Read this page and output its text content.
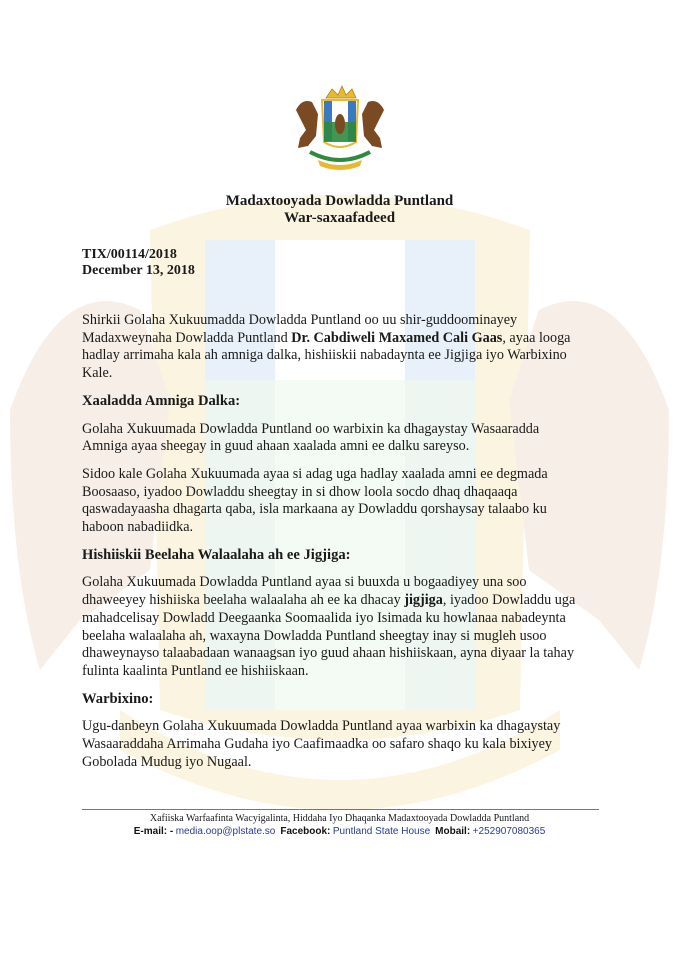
Madaxtooyada Dowladda Puntland
War-saxaafadeed
TIX/00114/2018
December 13, 2018

Shirkii Golaha Xukuumadda Dowladda Puntland oo uu shir-guddoominayey Madaxweynaha Dowladda Puntland Dr. Cabdiweli Maxamed Cali Gaas, ayaa looga hadlay arrimaha kala ah amniga dalka, hishiiskii nabadaynta ee Jigjiga iyo Warbixino Kale.

Xaaladda Amniga Dalka:

Golaha Xukuumada Dowladda Puntland oo warbixin ka dhagaystay Wasaaradda Amniga ayaa sheegay in guud ahaan xaalada amni ee dalku sareyso.

Sidoo kale Golaha Xukuumada ayaa si adag uga hadlay xaalada amni ee degmada Boosaaso, iyadoo Dowladdu sheegtay in si dhow loola socdo dhaq dhaqaaqa qaswadayaasha dhagarta qaba, isla markaana ay Dowladdu qorshaysay talaabo ku haboon nabadiidka.

Hishiiskii Beelaha Walaalaha ah ee Jigjiga:

Golaha Xukuumada Dowladda Puntland ayaa si buuxda u bogaadiyey una soo dhaweeyey hishiiska beelaha walaalaha ah ee ka dhacay jigjiga, iyadoo Dowladdu uga mahadcelisay Dowladd Deegaanka Soomaalida iyo Isimada ku howlanaa nabadeynta beelaha walaalaha ah, waxayna Dowladda Puntland sheegtay inay si mugleh usoo dhaweynayso talaabadaan wanaagsan iyo guud ahaan hishiiskaan, ayna diyaar la tahay fulinta kaalinta Puntland ee hishiiskaan.

Warbixino:

Ugu-danbeyn Golaha Xukuumada Dowladda Puntland ayaa warbixin ka dhagaystay Wasaaraddaha Arrimaha Gudaha iyo Caafimaadka oo safaro shaqo ku kala bixiyey Gobolada Mudug iyo Nugaal.

Xafiiska Warfaafinta Wacyigalinta, Hiddaha Iyo Dhaqanka Madaxtooyada Dowladda Puntland
E-mail: - media.oop@plstate.so Facebook: Puntland State House Mobail: +252907080365
